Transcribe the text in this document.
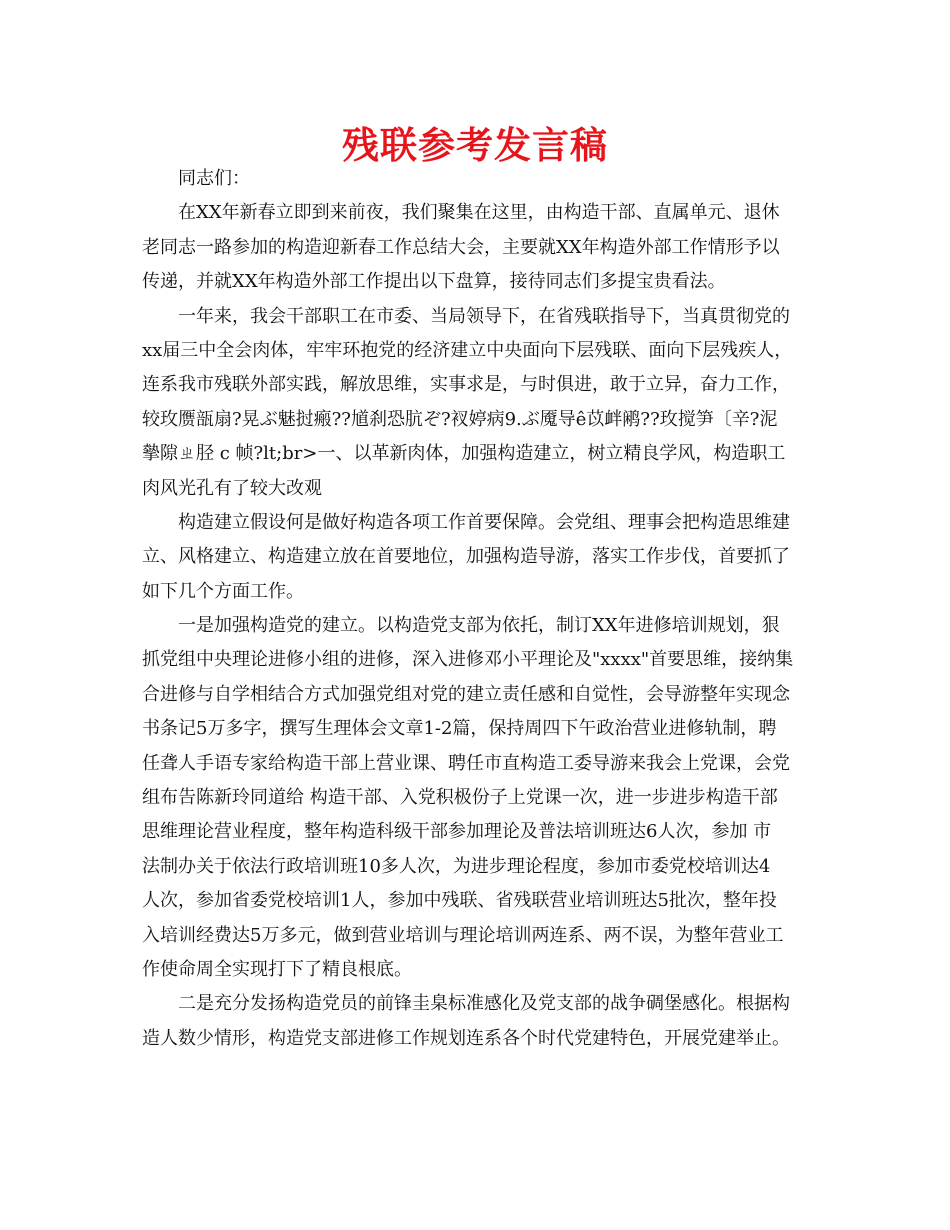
残联参考发言稿
同志们：
在XX年新春立即到来前夜，我们聚集在这里，由构造干部、直属单元、退休
老同志一路参加的构造迎新春工作总结大会，主要就XX年构造外部工作情形予以
传递，并就XX年构造外部工作提出以下盘算，接待同志们多提宝贵看法。
一年来，我会干部职工在市委、当局领导下，在省残联指导下，当真贯彻党的
xx届三中全会肉体，牢牢环抱党的经济建立中央面向下层残联、面向下层残疾人，
连系我市残联外部实践，解放思维，实事求是，与时俱进，敢于立异，奋力工作，
较玫赝瓿扇?晃ぶ魅挝瘢??馗刹恐肮ぞ?衩婷病9.ぶ魇导ê苡衅鹇??玫搅笋〔辛?泥
摰隙ㄓ胫 c 帧?lt;br>一、以革新肉体，加强构造建立，树立精良学风，构造职工
肉风光孔有了较大改观
构造建立假设何是做好构造各项工作首要保障。会党组、理事会把构造思维建
立、风格建立、构造建立放在首要地位，加强构造导游，落实工作步伐，首要抓了
如下几个方面工作。
一是加强构造党的建立。以构造党支部为依托，制订XX年进修培训规划，狠
抓党组中央理论进修小组的进修，深入进修邓小平理论及"xxxx"首要思维，接纳集
合进修与自学相结合方式加强党组对党的建立责任感和自觉性，会导游整年实现念
书条记5万多字，撰写生理体会文章1-2篇，保持周四下午政治营业进修轨制，聘
任聋人手语专家给构造干部上营业课、聘任市直构造工委导游来我会上党课，会党
组布告陈新玲同道给 构造干部、入党积极份子上党课一次，进一步进步构造干部
思维理论营业程度，整年构造科级干部参加理论及普法培训班达6人次，参加 市
法制办关于依法行政培训班10多人次，为进步理论程度，参加市委党校培训达4
人次，参加省委党校培训1人，参加中残联、省残联营业培训班达5批次，整年投
入培训经费达5万多元，做到营业培训与理论培训两连系、两不误，为整年营业工
作使命周全实现打下了精良根底。
二是充分发扬构造党员的前锋圭臬标准感化及党支部的战争碉堡感化。根据构
造人数少情形，构造党支部进修工作规划连系各个时代党建特色，开展党建举止。
